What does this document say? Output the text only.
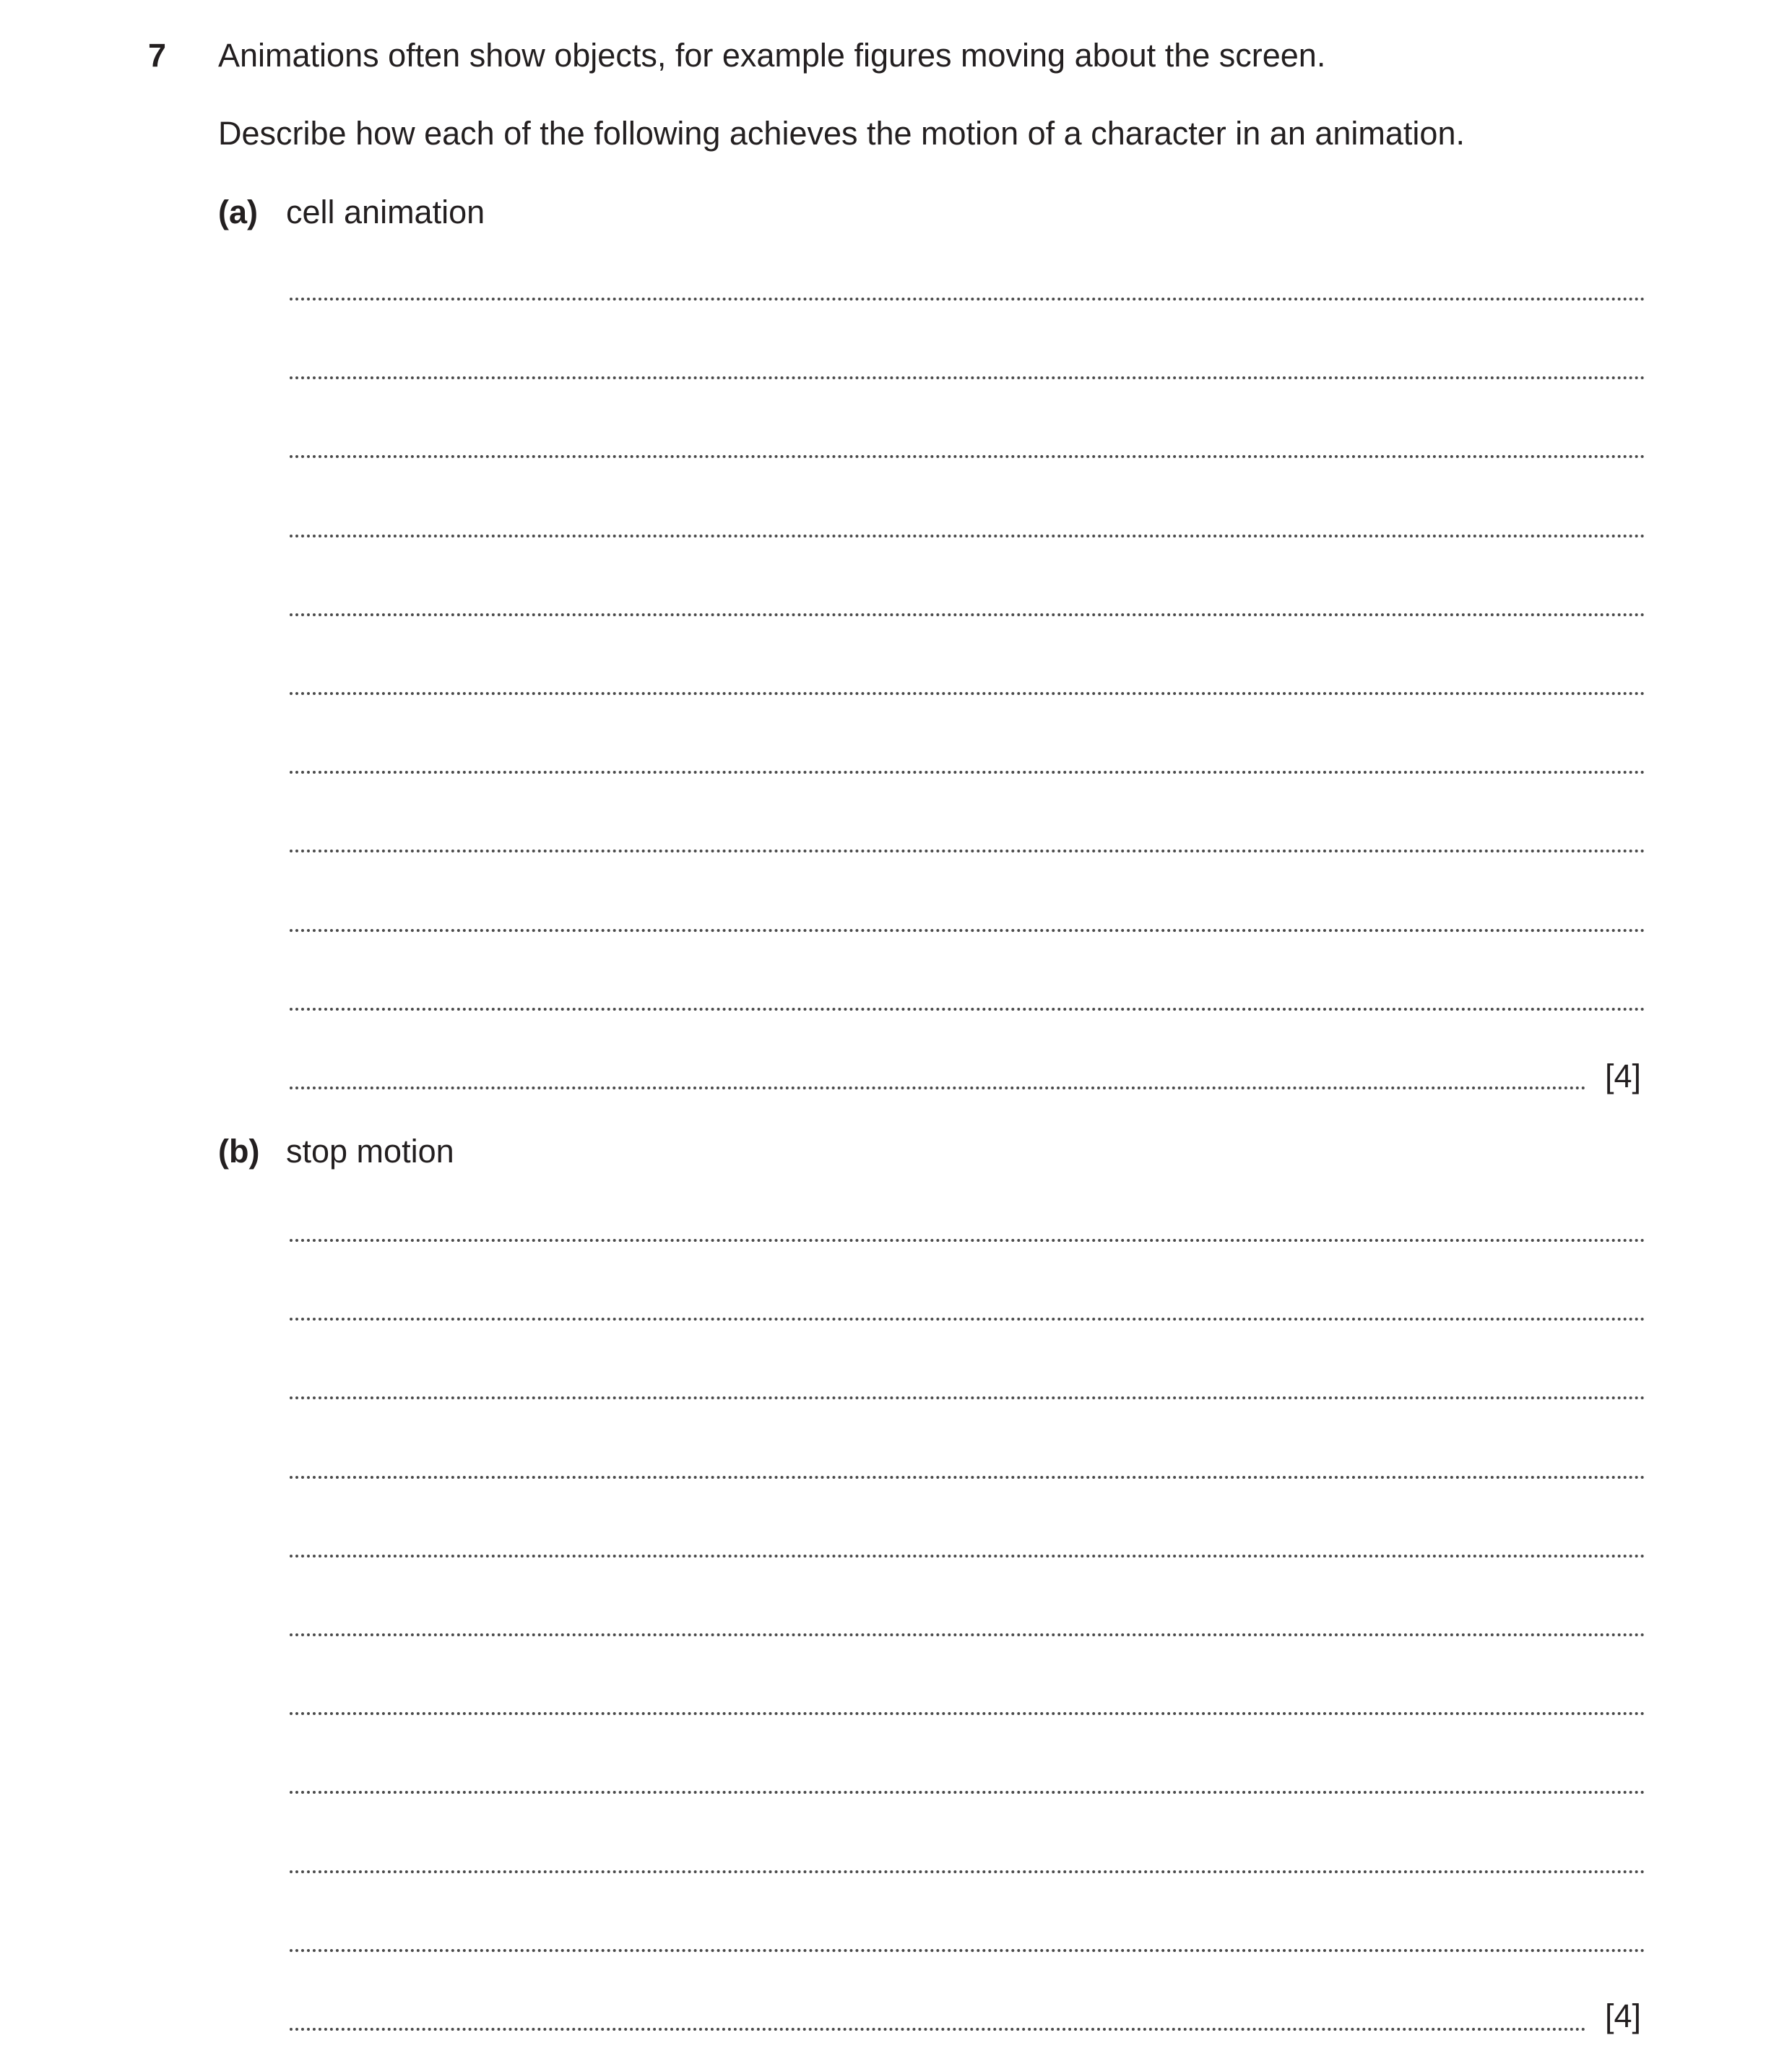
7 Animations often show objects, for example figures moving about the screen.
Describe how each of the following achieves the motion of a character in an animation.
(a) cell animation
[4]
(b) stop motion
[4]
